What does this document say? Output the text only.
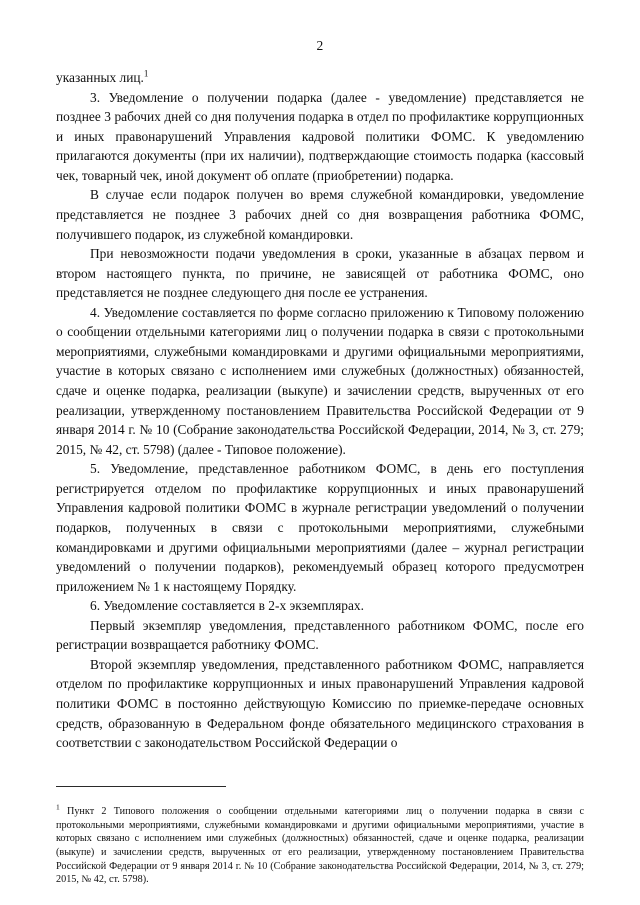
2

указанных лиц.$^1$

3. Уведомление о получении подарка (далее - уведомление) представляется не позднее 3 рабочих дней со дня получения подарка в отдел по профилактике коррупционных и иных правонарушений Управления кадровой политики ФОМС. К уведомлению прилагаются документы (при их наличии), подтверждающие стоимость подарка (кассовый чек, товарный чек, иной документ об оплате (приобретении) подарка.

В случае если подарок получен во время служебной командировки, уведомление представляется не позднее 3 рабочих дней со дня возвращения работника ФОМС, получившего подарок, из служебной командировки.

При невозможности подачи уведомления в сроки, указанные в абзацах первом и втором настоящего пункта, по причине, не зависящей от работника ФОМС, оно представляется не позднее следующего дня после ее устранения.

4. Уведомление составляется по форме согласно приложению к Типовому положению о сообщении отдельными категориями лиц о получении подарка в связи с протокольными мероприятиями, служебными командировками и другими официальными мероприятиями, участие в которых связано с исполнением ими служебных (должностных) обязанностей, сдаче и оценке подарка, реализации (выкупе) и зачислении средств, вырученных от его реализации, утвержденному постановлением Правительства Российской Федерации от 9 января 2014 г. № 10 (Собрание законодательства Российской Федерации, 2014, № 3, ст. 279; 2015, № 42, ст. 5798) (далее - Типовое положение).

5. Уведомление, представленное работником ФОМС, в день его поступления регистрируется отделом по профилактике коррупционных и иных правонарушений Управления кадровой политики ФОМС в журнале регистрации уведомлений о получении подарков, полученных в связи с протокольными мероприятиями, служебными командировками и другими официальными мероприятиями (далее – журнал регистрации уведомлений о получении подарков), рекомендуемый образец которого предусмотрен приложением № 1 к настоящему Порядку.

6. Уведомление составляется в 2-х экземплярах.

Первый экземпляр уведомления, представленного работником ФОМС, после его регистрации возвращается работнику ФОМС.

Второй экземпляр уведомления, представленного работником ФОМС, направляется отделом по профилактике коррупционных и иных правонарушений Управления кадровой политики ФОМС в постоянно действующую Комиссию по приемке-передаче основных средств, образованную в Федеральном фонде обязательного медицинского страхования в соответствии с законодательством Российской Федерации о

$^1$ Пункт 2 Типового положения о сообщении отдельными категориями лиц о получении подарка в связи с протокольными мероприятиями, служебными командировками и другими официальными мероприятиями, участие в которых связано с исполнением ими служебных (должностных) обязанностей, сдаче и оценке подарка, реализации (выкупе) и зачислении средств, вырученных от его реализации, утвержденному постановлением Правительства Российской Федерации от 9 января 2014 г. № 10 (Собрание законодательства Российской Федерации, 2014, № 3, ст. 279; 2015, № 42, ст. 5798).
